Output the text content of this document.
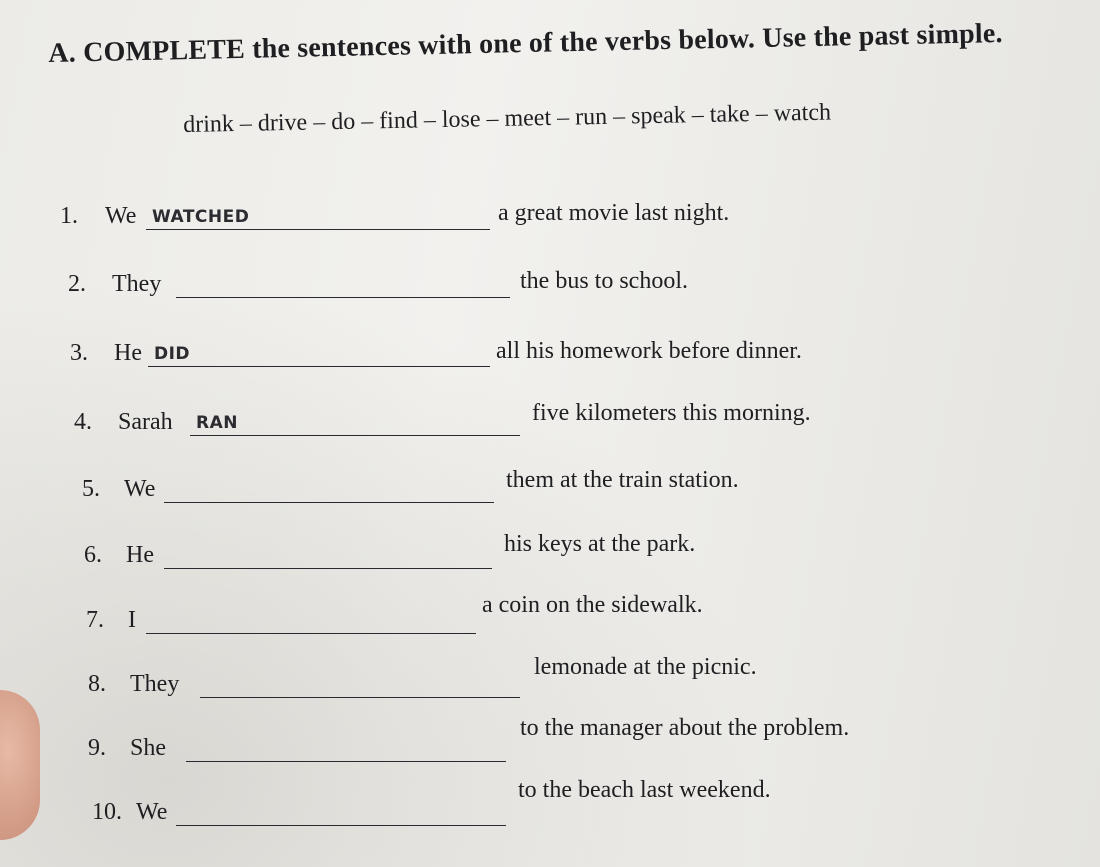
A. COMPLETE the sentences with one of the verbs below. Use the past simple.
drink – drive – do – find – lose – meet – run – speak – take – watch
1. We WATCHED	a great movie last night.
2. They	the bus to school.
3. He DID	all his homework before dinner.
4. Sarah RAN	five kilometers this morning.
5. We	them at the train station.
6. He	his keys at the park.
7. I
a coin on the sidewalk.
8. They
lemonade at the picnic.
9. She
to the manager about the problem.
10. We
to the beach last weekend.
